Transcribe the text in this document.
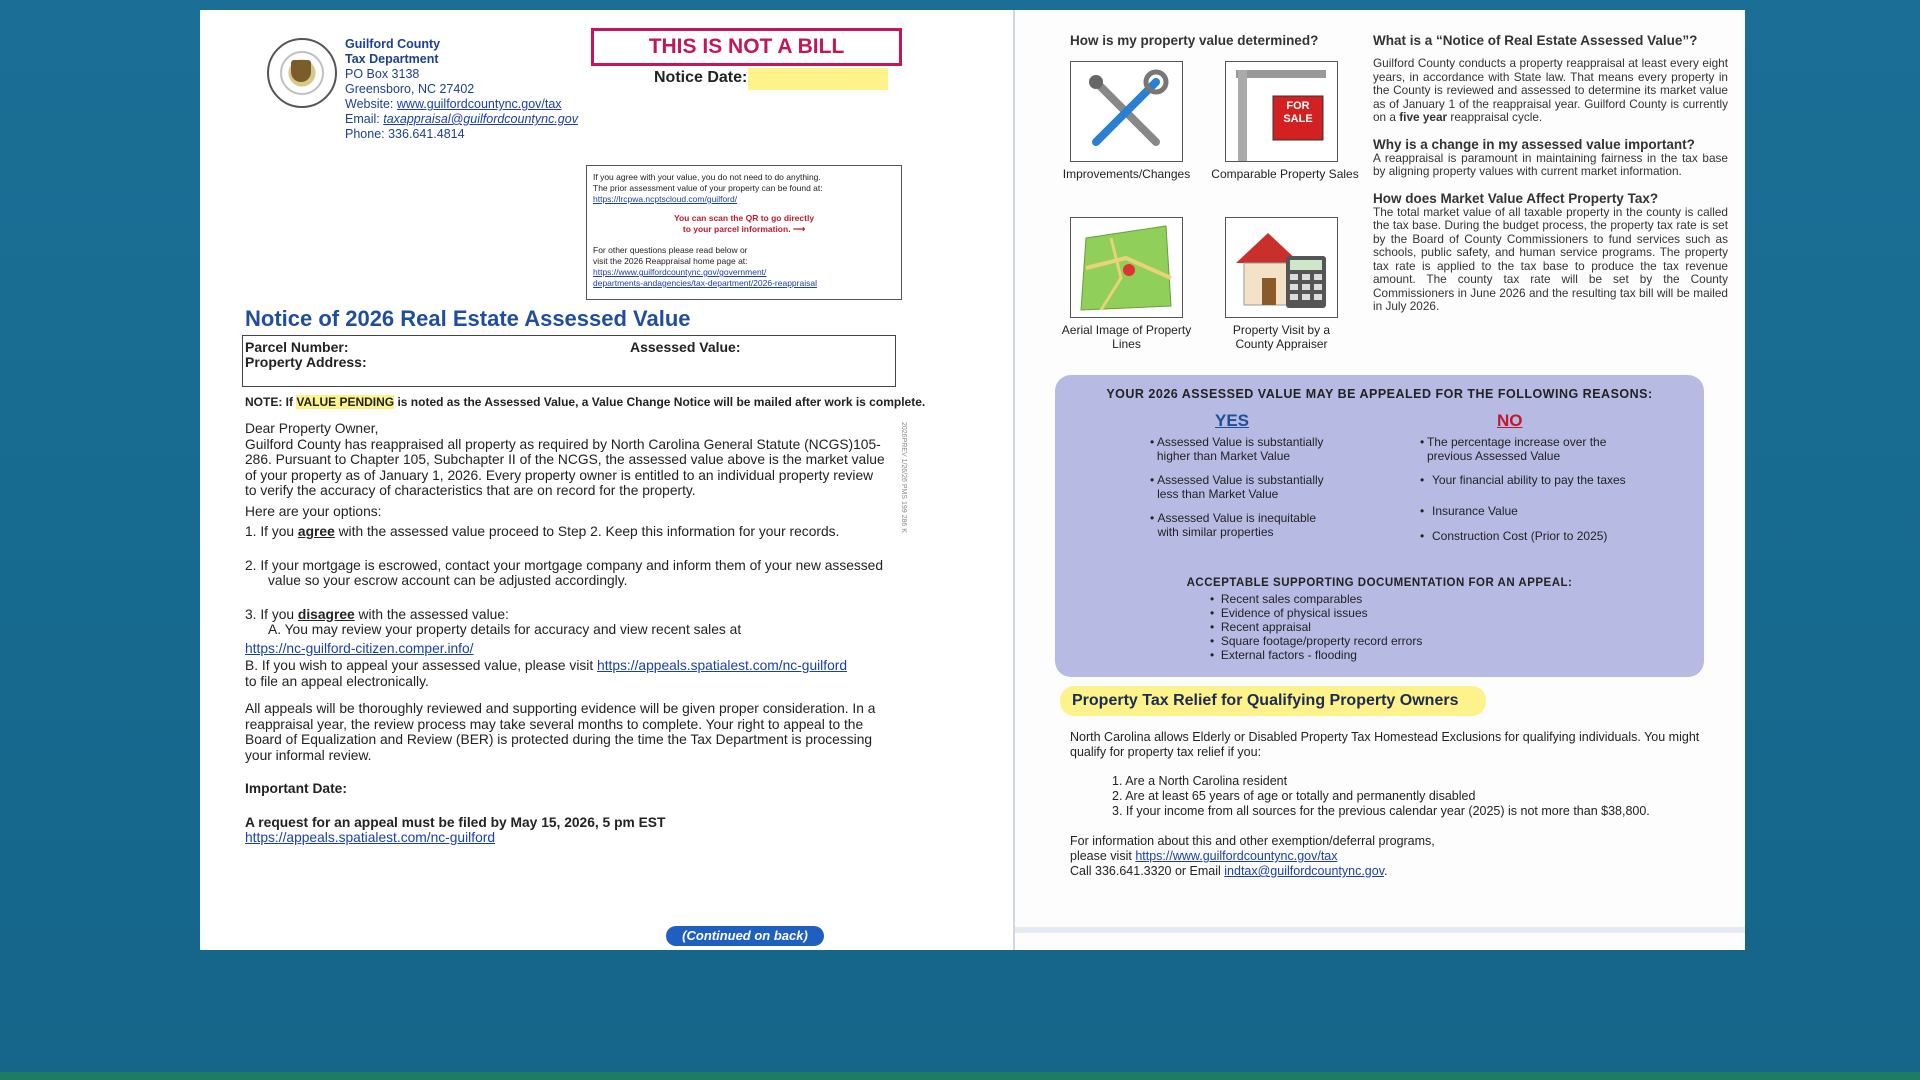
Guilford County
Tax Department
PO Box 3138
Greensboro, NC 27402
Website: www.guilfordcountync.gov/tax
Email: taxappraisal@guilfordcountync.gov
Phone: 336.641.4814
THIS IS NOT A BILL
Notice Date:
If you agree with your value, you do not need to do anything.
The prior assessment value of your property can be found at:
https://lrcpwa.ncptscloud.com/guilford/
You can scan the QR to go directly
to your parcel information. ⟶
For other questions please read below or
visit the 2026 Reappraisal home page at:
https://www.guilfordcountync.gov/government/
departments-andagencies/tax-department/2026-reappraisal
Notice of 2026 Real Estate Assessed Value
Parcel Number:
Property Address:
Assessed Value:
NOTE: If VALUE PENDING is noted as the Assessed Value, a Value Change Notice will be mailed after work is complete.
2026PREV 1/26/26 PMS 199 286 K
Dear Property Owner,
Guilford County has reappraised all property as required by North Carolina General Statute (NCGS)105-286. Pursuant to Chapter 105, Subchapter II of the NCGS, the assessed value above is the market value of your property as of January 1, 2026. Every property owner is entitled to an individual property review to verify the accuracy of characteristics that are on record for the property.
Here are your options:
1. If you agree with the assessed value proceed to Step 2. Keep this information for your records.
2. If your mortgage is escrowed, contact your mortgage company and inform them of your new assessed value so your escrow account can be adjusted accordingly.
3. If you disagree with the assessed value:
A. You may review your property details for accuracy and view recent sales at
https://nc-guilford-citizen.comper.info/
B. If you wish to appeal your assessed value, please visit https://appeals.spatialest.com/nc-guilford
to file an appeal electronically.
All appeals will be thoroughly reviewed and supporting evidence will be given proper consideration. In a reappraisal year, the review process may take several months to complete. Your right to appeal to the Board of Equalization and Review (BER) is protected during the time the Tax Department is processing your informal review.
Important Date:
A request for an appeal must be filed by May 15, 2026, 5 pm EST
https://appeals.spatialest.com/nc-guilford
(Continued on back)
How is my property value determined?
Improvements/Changes
FOR SALE
Comparable Property Sales
Aerial Image of Property Lines
Property Visit by a County Appraiser
What is a “Notice of Real Estate Assessed Value”?
Guilford County conducts a property reappraisal at least every eight years, in accordance with State law. That means every property in the County is reviewed and assessed to determine its market value as of January 1 of the reappraisal year. Guilford County is currently on a five year reappraisal cycle.
Why is a change in my assessed value important?
A reappraisal is paramount in maintaining fairness in the tax base by aligning property values with current market information.
How does Market Value Affect Property Tax?
The total market value of all taxable property in the county is called the tax base. During the budget process, the property tax rate is set by the Board of County Commissioners to fund services such as schools, public safety, and human service programs. The property tax rate is applied to the tax base to produce the tax revenue amount. The county tax rate will be set by the County Commissioners in June 2026 and the resulting tax bill will be mailed in July 2026.
YOUR 2026 ASSESSED VALUE MAY BE APPEALED FOR THE FOLLOWING REASONS:
YES	NO
• Assessed Value is substantially higher than Market Value
• Assessed Value is substantially less than Market Value
• Assessed Value is inequitable with similar properties
• The percentage increase over the previous Assessed Value
• Your financial ability to pay the taxes
• Insurance Value
• Construction Cost (Prior to 2025)
ACCEPTABLE SUPPORTING DOCUMENTATION FOR AN APPEAL:
•  Recent sales comparables
•  Evidence of physical issues
•  Recent appraisal
•  Square footage/property record errors
•  External factors - flooding
Property Tax Relief for Qualifying Property Owners
North Carolina allows Elderly or Disabled Property Tax Homestead Exclusions for qualifying individuals. You might qualify for property tax relief if you:
1. Are a North Carolina resident
2. Are at least 65 years of age or totally and permanently disabled
3. If your income from all sources for the previous calendar year (2025) is not more than $38,800.
For information about this and other exemption/deferral programs,
please visit https://www.guilfordcountync.gov/tax
Call 336.641.3320 or Email indtax@guilfordcountync.gov.
